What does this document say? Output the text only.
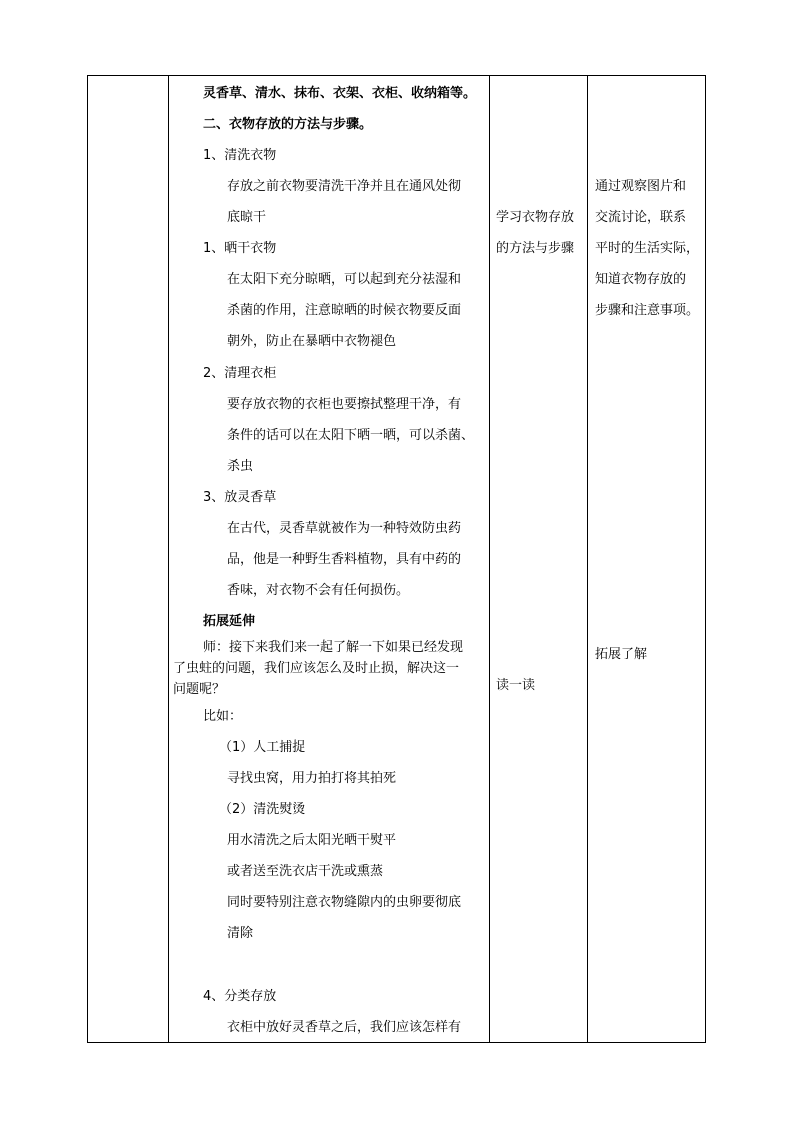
灵香草、清水、抹布、衣架、衣柜、收纳箱等。
二、衣物存放的方法与步骤。
1、清洗衣物
存放之前衣物要清洗干净并且在通风处彻
底晾干
1、晒干衣物
在太阳下充分晾晒，可以起到充分祛湿和
杀菌的作用，注意晾晒的时候衣物要反面
朝外，防止在暴晒中衣物褪色
2、清理衣柜
要存放衣物的衣柜也要擦拭整理干净，有
条件的话可以在太阳下晒一晒，可以杀菌、
杀虫
3、放灵香草
在古代，灵香草就被作为一种特效防虫药
品，他是一种野生香料植物，具有中药的
香味，对衣物不会有任何损伤。
拓展延伸
师：接下来我们来一起了解一下如果已经发现
了虫蛀的问题，我们应该怎么及时止损，解决这一
问题呢？
比如：
（1）人工捕捉
寻找虫窝，用力拍打将其拍死
（2）清洗熨烫
用水清洗之后太阳光晒干熨平
或者送至洗衣店干洗或熏蒸
同时要特别注意衣物缝隙内的虫卵要彻底
清除
4、分类存放
衣柜中放好灵香草之后，我们应该怎样有
学习衣物存放
的方法与步骤
读一读
通过观察图片和
交流讨论，联系
平时的生活实际，
知道衣物存放的
步骤和注意事项。
拓展了解
